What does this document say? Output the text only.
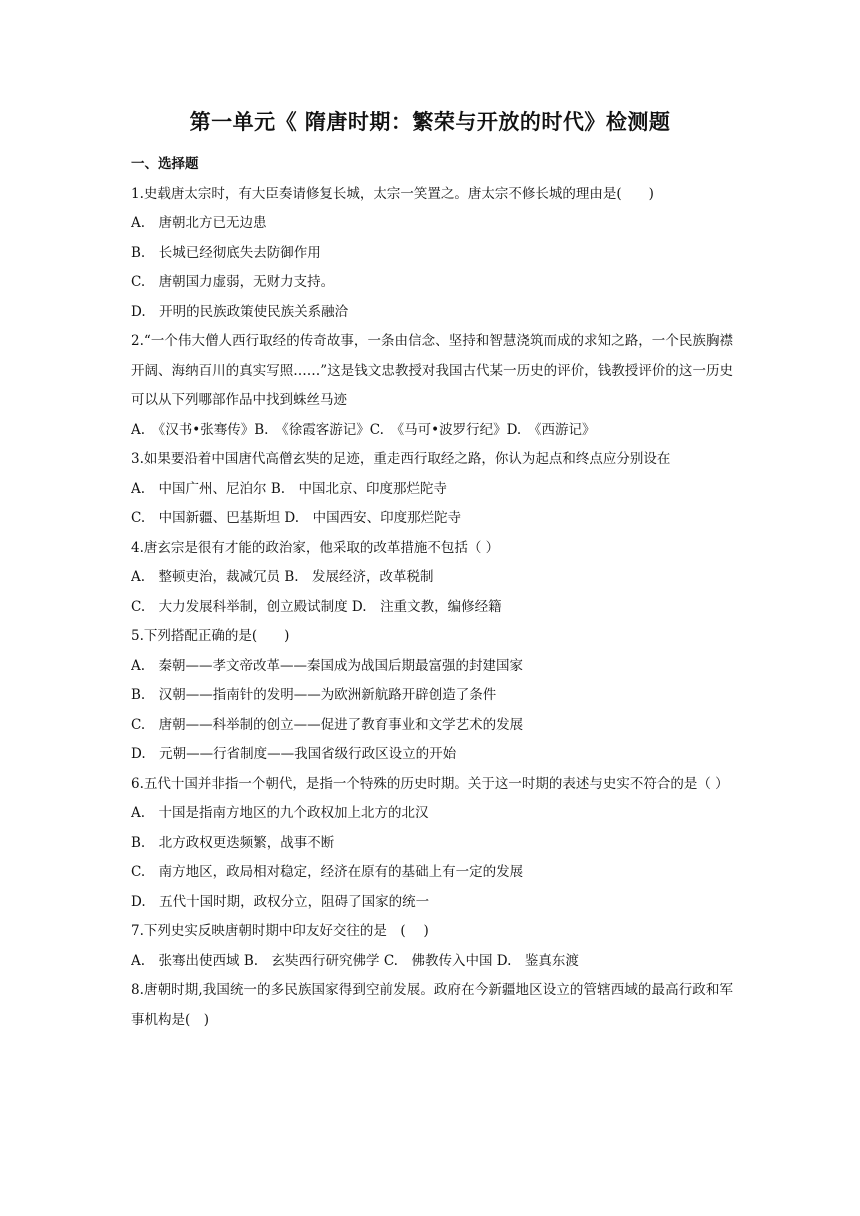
第一单元《 隋唐时期：繁荣与开放的时代》检测题
一、选择题
1.史载唐太宗时，有大臣奏请修复长城，太宗一笑置之。唐太宗不修长城的理由是(　　)
A.　唐朝北方已无边患
B.　长城已经彻底失去防御作用
C.　唐朝国力虚弱，无财力支持。
D.　开明的民族政策使民族关系融洽
2.“一个伟大僧人西行取经的传奇故事，一条由信念、坚持和智慧浇筑而成的求知之路，一个民族胸襟开阔、海纳百川的真实写照……”这是钱文忠教授对我国古代某一历史的评价，钱教授评价的这一历史可以从下列哪部作品中找到蛛丝马迹
A.　《汉书•张骞传》B.　《徐霞客游记》C.　《马可•波罗行纪》D.　《西游记》
3.如果要沿着中国唐代高僧玄奘的足迹，重走西行取经之路，你认为起点和终点应分别设在
A.　中国广州、尼泊尔 B.　中国北京、印度那烂陀寺
C.　中国新疆、巴基斯坦 D.　中国西安、印度那烂陀寺
4.唐玄宗是很有才能的政治家，他采取的改革措施不包括（ ）
A.　整顿吏治，裁减冗员 B.　发展经济，改革税制
C.　大力发展科举制，创立殿试制度 D.　注重文教，编修经籍
5.下列搭配正确的是(　　)
A.　秦朝——孝文帝改革——秦国成为战国后期最富强的封建国家
B.　汉朝——指南针的发明——为欧洲新航路开辟创造了条件
C.　唐朝——科举制的创立——促进了教育事业和文学艺术的发展
D.　元朝——行省制度——我国省级行政区设立的开始
6.五代十国并非指一个朝代，是指一个特殊的历史时期。关于这一时期的表述与史实不符合的是（ ）
A.　十国是指南方地区的九个政权加上北方的北汉
B.　北方政权更迭频繁，战事不断
C.　南方地区，政局相对稳定，经济在原有的基础上有一定的发展
D.　五代十国时期，政权分立，阻碍了国家的统一
7.下列史实反映唐朝时期中印友好交往的是　(　 )
A.　张骞出使西域 B.　玄奘西行研究佛学 C.　佛教传入中国 D.　鉴真东渡
8.唐朝时期,我国统一的多民族国家得到空前发展。政府在今新疆地区设立的管辖西域的最高行政和军事机构是(　)
